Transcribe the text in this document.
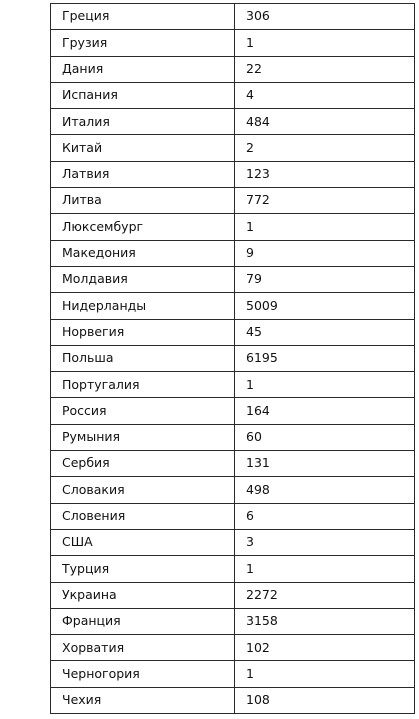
Греция	306
Грузия	1
Дания	22
Испания	4
Италия	484
Китай	2
Латвия	123
Литва	772
Люксембург	1
Македония	9
Молдавия	79
Нидерланды	5009
Норвегия	45
Польша	6195
Португалия	1
Россия	164
Румыния	60
Сербия	131
Словакия	498
Словения	6
США	3
Турция	1
Украина	2272
Франция	3158
Хорватия	102
Черногория	1
Чехия	108
